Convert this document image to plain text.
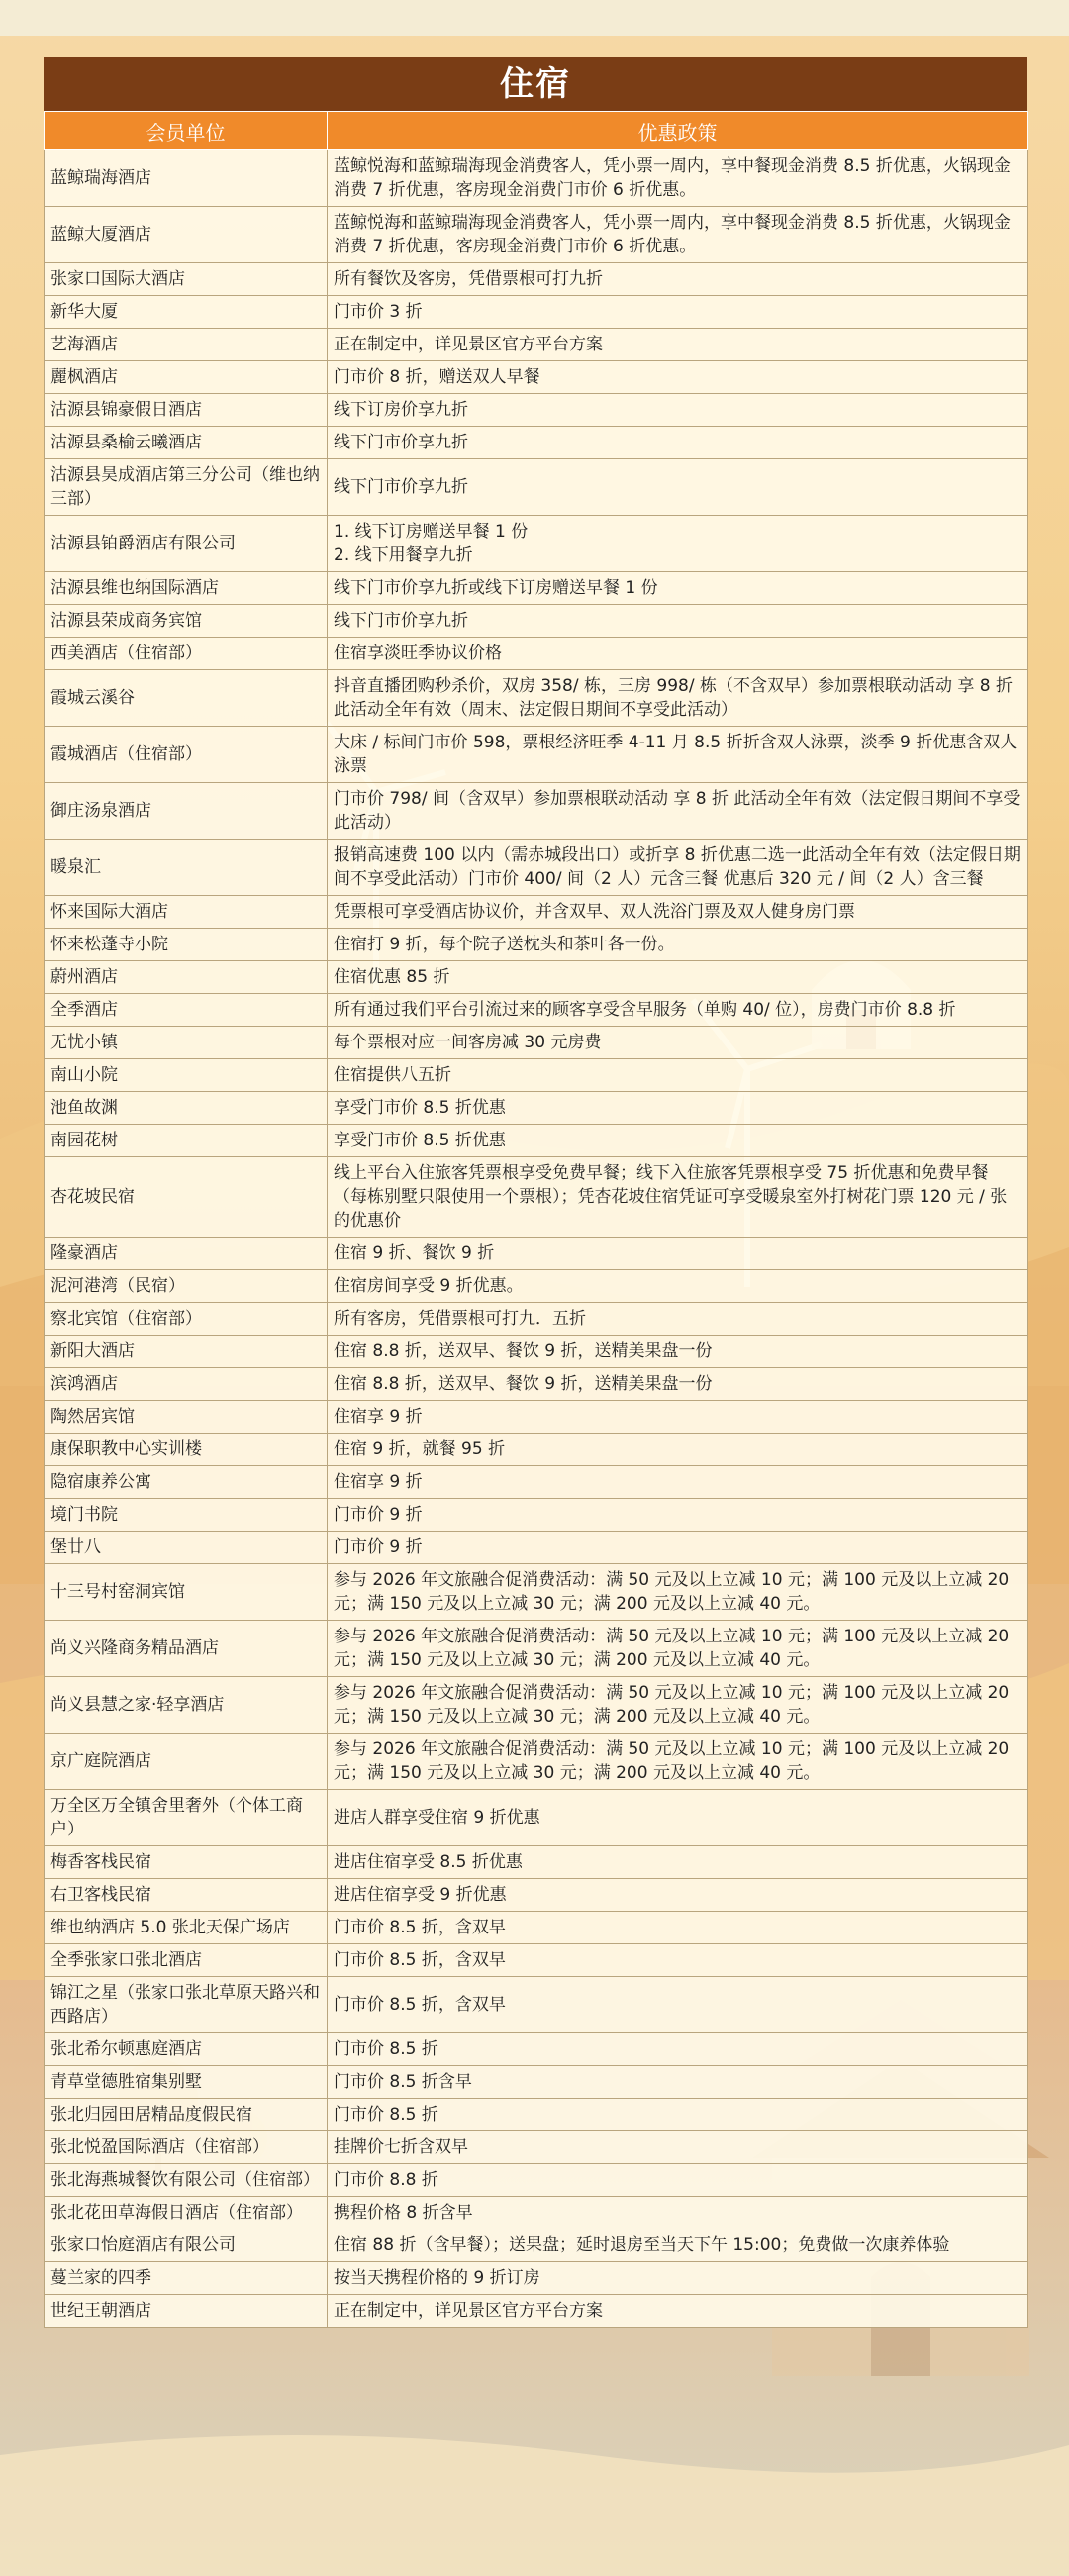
住宿
会员单位	优惠政策
蓝鲸瑞海酒店	蓝鲸悦海和蓝鲸瑞海现金消费客人，凭小票一周内，享中餐现金消费 8.5 折优惠，火锅现金消费 7 折优惠，客房现金消费门市价 6 折优惠。
蓝鲸大厦酒店	蓝鲸悦海和蓝鲸瑞海现金消费客人，凭小票一周内，享中餐现金消费 8.5 折优惠，火锅现金消费 7 折优惠，客房现金消费门市价 6 折优惠。
张家口国际大酒店	所有餐饮及客房，凭借票根可打九折
新华大厦	门市价 3 折
艺海酒店	正在制定中，详见景区官方平台方案
麗枫酒店	门市价 8 折，赠送双人早餐
沽源县锦豪假日酒店	线下订房价享九折
沽源县桑榆云曦酒店	线下门市价享九折
沽源县昊成酒店第三分公司（维也纳三部）	线下门市价享九折
沽源县铂爵酒店有限公司	1. 线下订房赠送早餐 1 份
2. 线下用餐享九折
沽源县维也纳国际酒店	线下门市价享九折或线下订房赠送早餐 1 份
沽源县荣成商务宾馆	线下门市价享九折
西美酒店（住宿部）	住宿享淡旺季协议价格
霞城云溪谷	抖音直播团购秒杀价，双房 358/ 栋，三房 998/ 栋（不含双早）参加票根联动活动 享 8 折 此活动全年有效（周末、法定假日期间不享受此活动）
霞城酒店（住宿部）	大床 / 标间门市价 598，票根经济旺季 4-11 月 8.5 折折含双人泳票，淡季 9 折优惠含双人泳票
御庄汤泉酒店	门市价 798/ 间（含双早）参加票根联动活动 享 8 折 此活动全年有效（法定假日期间不享受此活动）
暖泉汇	报销高速费 100 以内（需赤城段出口）或折享 8 折优惠二选一此活动全年有效（法定假日期间不享受此活动）门市价 400/ 间（2 人）元含三餐 优惠后 320 元 / 间（2 人）含三餐
怀来国际大酒店	凭票根可享受酒店协议价，并含双早、双人洗浴门票及双人健身房门票
怀来松蓬寺小院	住宿打 9 折，每个院子送枕头和茶叶各一份。
蔚州酒店	住宿优惠 85 折
全季酒店	所有通过我们平台引流过来的顾客享受含早服务（单购 40/ 位），房费门市价 8.8 折
无忧小镇	每个票根对应一间客房减 30 元房费
南山小院	住宿提供八五折
池鱼故渊	享受门市价 8.5 折优惠
南园花树	享受门市价 8.5 折优惠
杏花坡民宿	线上平台入住旅客凭票根享受免费早餐；线下入住旅客凭票根享受 75 折优惠和免费早餐（每栋别墅只限使用一个票根）；凭杏花坡住宿凭证可享受暖泉室外打树花门票 120 元 / 张的优惠价
隆豪酒店	住宿 9 折、餐饮 9 折
泥河港湾（民宿）	住宿房间享受 9 折优惠。
察北宾馆（住宿部）	所有客房，凭借票根可打九．五折
新阳大酒店	住宿 8.8 折，送双早、餐饮 9 折，送精美果盘一份
滨鸿酒店	住宿 8.8 折，送双早、餐饮 9 折，送精美果盘一份
陶然居宾馆	住宿享 9 折
康保职教中心实训楼	住宿 9 折，就餐 95 折
隐宿康养公寓	住宿享 9 折
境门书院	门市价 9 折
堡廿八	门市价 9 折
十三号村窑洞宾馆	参与 2026 年文旅融合促消费活动：满 50 元及以上立减 10 元；满 100 元及以上立减 20 元；满 150 元及以上立减 30 元；满 200 元及以上立减 40 元。
尚义兴隆商务精品酒店	参与 2026 年文旅融合促消费活动：满 50 元及以上立减 10 元；满 100 元及以上立减 20 元；满 150 元及以上立减 30 元；满 200 元及以上立减 40 元。
尚义县慧之家·轻享酒店	参与 2026 年文旅融合促消费活动：满 50 元及以上立减 10 元；满 100 元及以上立减 20 元；满 150 元及以上立减 30 元；满 200 元及以上立减 40 元。
京广庭院酒店	参与 2026 年文旅融合促消费活动：满 50 元及以上立减 10 元；满 100 元及以上立减 20 元；满 150 元及以上立减 30 元；满 200 元及以上立减 40 元。
万全区万全镇舍里奢外（个体工商户）	进店人群享受住宿 9 折优惠
梅香客栈民宿	进店住宿享受 8.5 折优惠
右卫客栈民宿	进店住宿享受 9 折优惠
维也纳酒店 5.0 张北天保广场店	门市价 8.5 折，含双早
全季张家口张北酒店	门市价 8.5 折，含双早
锦江之星（张家口张北草原天路兴和西路店）	门市价 8.5 折，含双早
张北希尔顿惠庭酒店	门市价 8.5 折
青草堂德胜宿集别墅	门市价 8.5 折含早
张北归园田居精品度假民宿	门市价 8.5 折
张北悦盈国际酒店（住宿部）	挂牌价七折含双早
张北海燕城餐饮有限公司（住宿部）	门市价 8.8 折
张北花田草海假日酒店（住宿部）	携程价格 8 折含早
张家口怡庭酒店有限公司	住宿 88 折（含早餐）；送果盘；延时退房至当天下午 15:00；免费做一次康养体验
蔓兰家的四季	按当天携程价格的 9 折订房
世纪王朝酒店	正在制定中，详见景区官方平台方案
